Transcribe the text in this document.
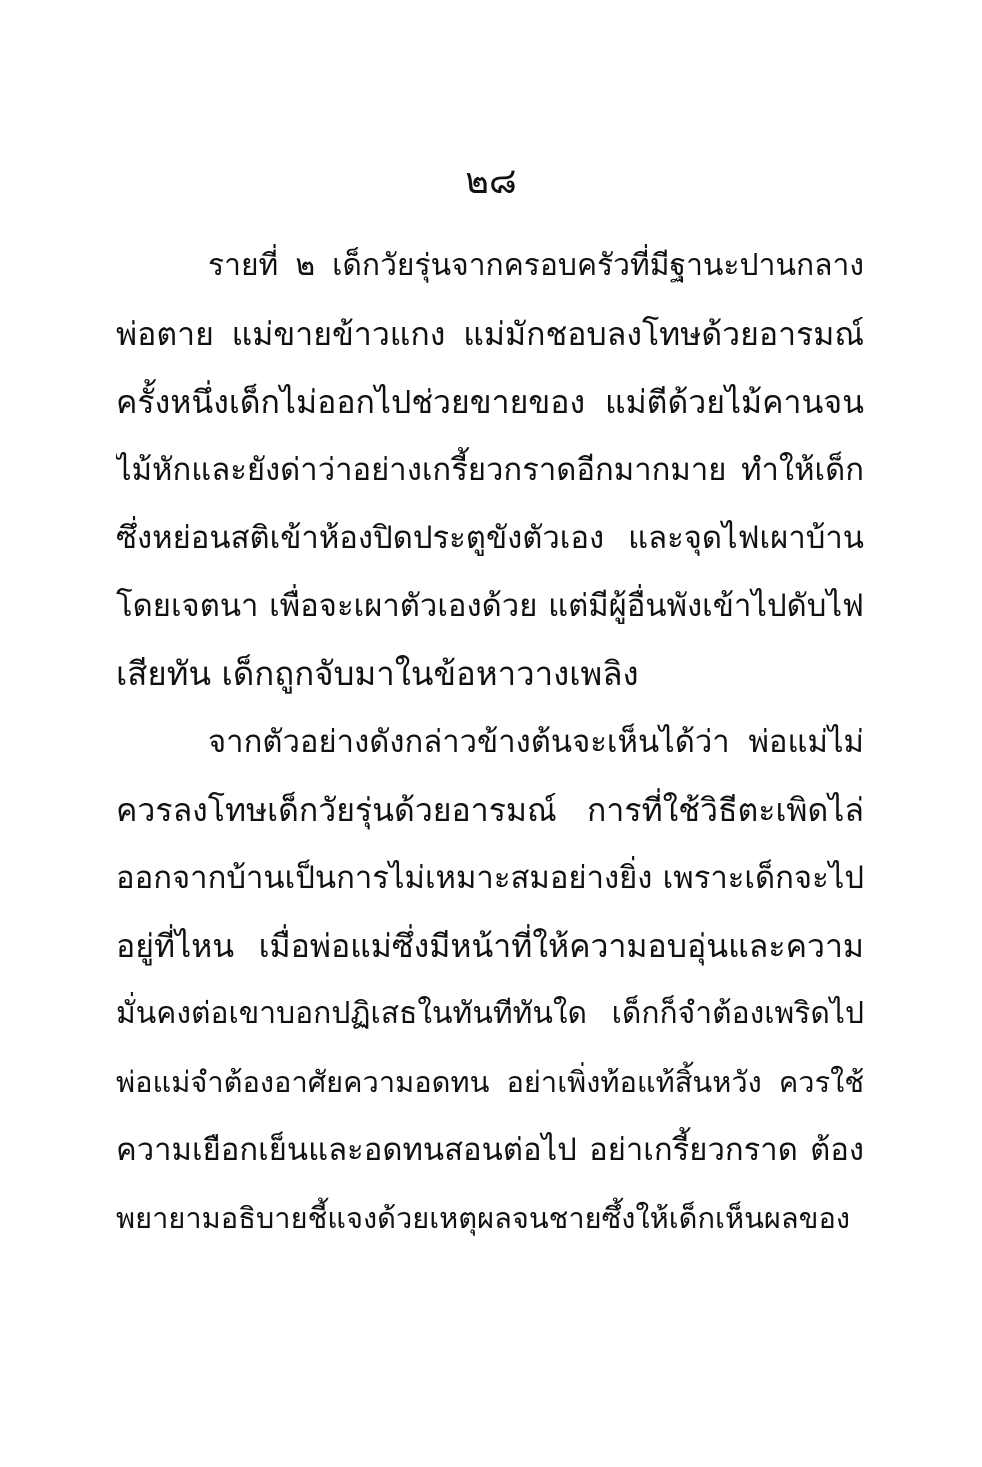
๒๘
รายที่ ๒ เด็กวัยรุ่นจากครอบครัวที่มีฐานะปานกลาง
พ่อตาย แม่ขายข้าวแกง แม่มักชอบลงโทษด้วยอารมณ์
ครั้งหนึ่งเด็กไม่ออกไปช่วยขายของ แม่ตีด้วยไม้คานจน
ไม้หักและยังด่าว่าอย่างเกรี้ยวกราดอีกมากมาย ทำให้เด็ก
ซึ่งหย่อนสติเข้าห้องปิดประตูขังตัวเอง และจุดไฟเผาบ้าน
โดยเจตนา เพื่อจะเผาตัวเองด้วย แต่มีผู้อื่นพังเข้าไปดับไฟ
เสียทัน เด็กถูกจับมาในข้อหาวางเพลิง
จากตัวอย่างดังกล่าวข้างต้นจะเห็นได้ว่า พ่อแม่ไม่
ควรลงโทษเด็กวัยรุ่นด้วยอารมณ์ การที่ใช้วิธีตะเพิดไล่
ออกจากบ้านเป็นการไม่เหมาะสมอย่างยิ่ง เพราะเด็กจะไป
อยู่ที่ไหน เมื่อพ่อแม่ซึ่งมีหน้าที่ให้ความอบอุ่นและความ
มั่นคงต่อเขาบอกปฏิเสธในทันทีทันใด เด็กก็จำต้องเพริดไป
พ่อแม่จำต้องอาศัยความอดทน อย่าเพิ่งท้อแท้สิ้นหวัง ควรใช้
ความเยือกเย็นและอดทนสอนต่อไป อย่าเกรี้ยวกราด ต้อง
พยายามอธิบายชี้แจงด้วยเหตุผลจนชายซึ้งให้เด็กเห็นผลของ
